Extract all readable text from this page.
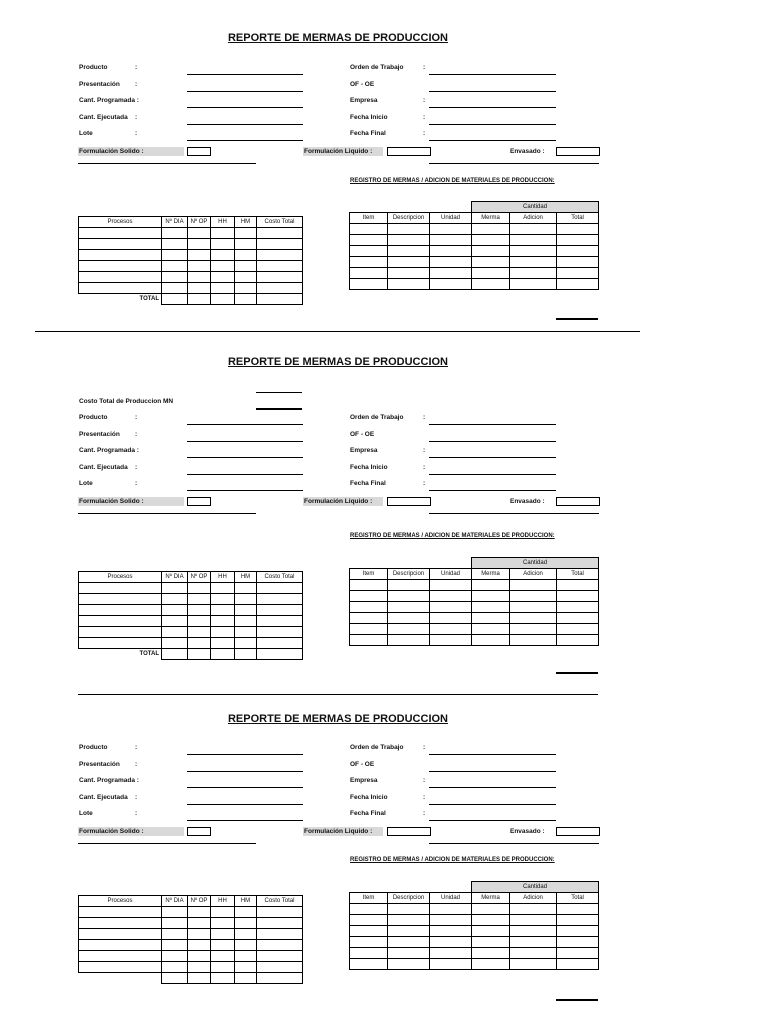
REPORTE DE MERMAS DE PRODUCCION
Producto	:
Presentación :
Cant. Programada :
Cant. Ejecutada :
Lote	:
Orden de Trabajo	:
OF - OE
Empresa	:
Fecha Inicio	:
Fecha Final	:
Formulación Solido :	Formulación Liquido :	Envasado :
REGISTRO DE MERMAS / ADICION DE MATERIALES DE PRODUCCION:
Procesos	Nº DIA	Nº OP	HH	HM	Costo Total

TOTAL					
			Cantidad		
Item	Descripcion	Unidad	Merma	Adicion	Total

REPORTE DE MERMAS DE PRODUCCION
Costo Total de Produccion MN
Producto	:
Presentación :
Cant. Programada :
Cant. Ejecutada :
Lote	:
Orden de Trabajo	:
OF - OE
Empresa	:
Fecha Inicio	:
Fecha Final	:
Formulación Solido :	Formulación Liquido :	Envasado :
REGISTRO DE MERMAS / ADICION DE MATERIALES DE PRODUCCION:
Procesos	Nº DIA	Nº OP	HH	HM	Costo Total

TOTAL					
			Cantidad		
Item	Descripcion	Unidad	Merma	Adicion	Total

REPORTE DE MERMAS DE PRODUCCION
Producto	:
Presentación :
Cant. Programada :
Cant. Ejecutada :
Lote	:
Orden de Trabajo	:
OF - OE
Empresa	:
Fecha Inicio	:
Fecha Final	:
Formulación Solido :	Formulación Liquido :	Envasado :
REGISTRO DE MERMAS / ADICION DE MATERIALES DE PRODUCCION:
Procesos	Nº DIA	Nº OP	HH	HM	Costo Total

			Cantidad		
Item	Descripcion	Unidad	Merma	Adicion	Total
